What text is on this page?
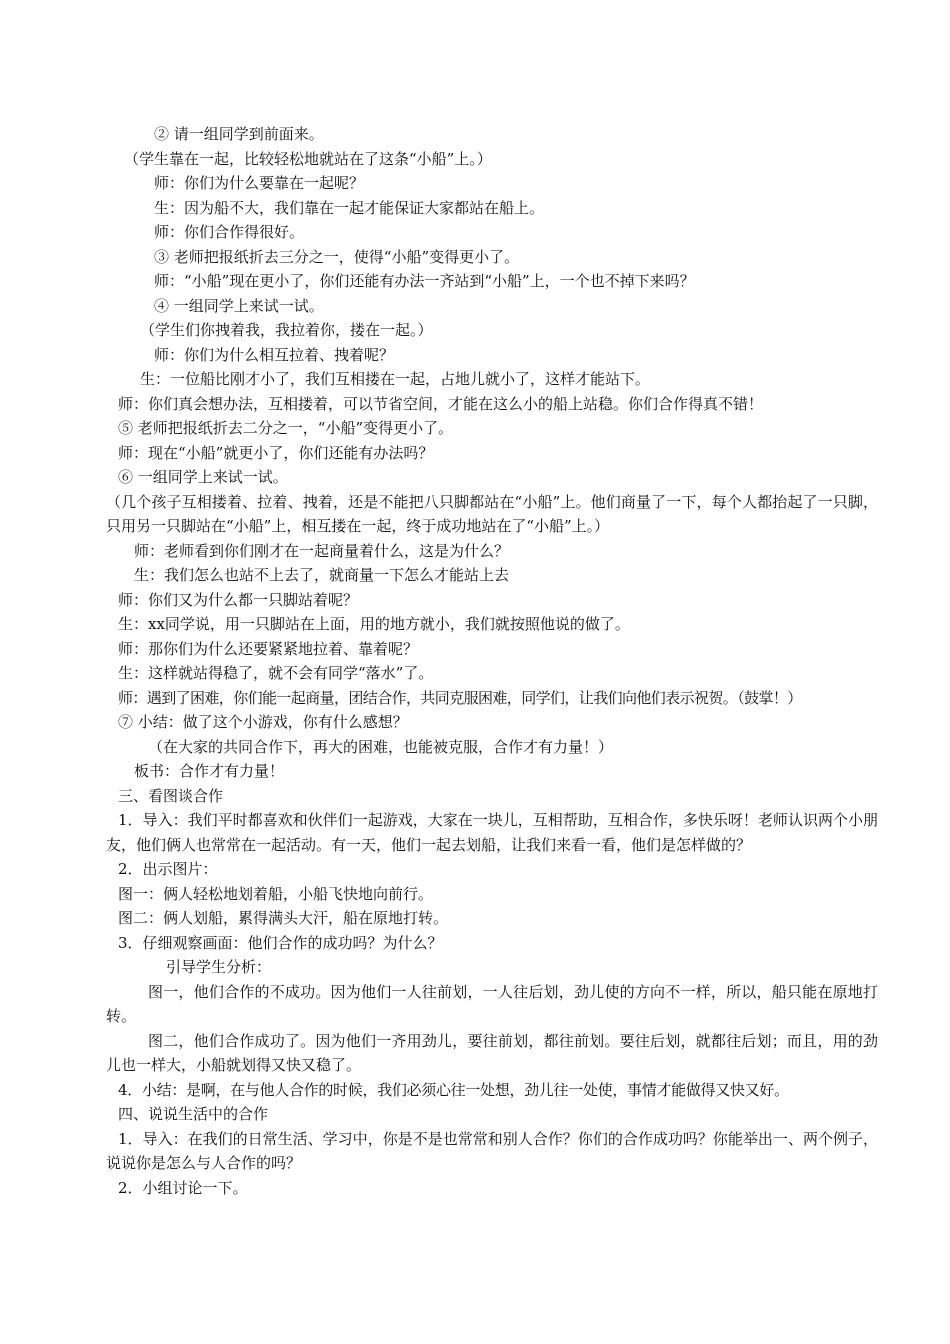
② 请一组同学到前面来。
（学生靠在一起，比较轻松地就站在了这条“小船”上。）
师：你们为什么要靠在一起呢？
生：因为船不大，我们靠在一起才能保证大家都站在船上。
师：你们合作得很好。
③ 老师把报纸折去三分之一，使得“小船”变得更小了。
师：“小船”现在更小了，你们还能有办法一齐站到“小船”上，一个也不掉下来吗？
④ 一组同学上来试一试。
（学生们你拽着我，我拉着你，搂在一起。）
师：你们为什么相互拉着、拽着呢？
生：一位船比刚才小了，我们互相搂在一起，占地儿就小了，这样才能站下。
师：你们真会想办法，互相搂着，可以节省空间，才能在这么小的船上站稳。你们合作得真不错！
⑤ 老师把报纸折去二分之一，“小船”变得更小了。
师：现在“小船”就更小了，你们还能有办法吗？
⑥ 一组同学上来试一试。
（几个孩子互相搂着、拉着、拽着，还是不能把八只脚都站在“小船”上。他们商量了一下，每个人都抬起了一只脚，只用另一只脚站在“小船”上，相互搂在一起，终于成功地站在了“小船”上。）
师：老师看到你们刚才在一起商量着什么，这是为什么？
生：我们怎么也站不上去了，就商量一下怎么才能站上去
师：你们又为什么都一只脚站着呢？
生：xx同学说，用一只脚站在上面，用的地方就小，我们就按照他说的做了。
师：那你们为什么还要紧紧地拉着、靠着呢？
生：这样就站得稳了，就不会有同学“落水”了。
师：遇到了困难，你们能一起商量，团结合作，共同克服困难，同学们，让我们向他们表示祝贺。（鼓掌！）
⑦ 小结：做了这个小游戏，你有什么感想？
（在大家的共同合作下，再大的困难，也能被克服，合作才有力量！）
板书：合作才有力量！
三、看图谈合作
1．导入：我们平时都喜欢和伙伴们一起游戏，大家在一块儿，互相帮助，互相合作，多快乐呀！老师认识两个小朋友，他们俩人也常常在一起活动。有一天，他们一起去划船，让我们来看一看，他们是怎样做的？
2．出示图片：
图一：俩人轻松地划着船，小船飞快地向前行。
图二：俩人划船，累得满头大汗，船在原地打转。
3．仔细观察画面：他们合作的成功吗？为什么？
引导学生分析：
图一，他们合作的不成功。因为他们一人往前划，一人往后划，劲儿使的方向不一样，所以，船只能在原地打转。
图二，他们合作成功了。因为他们一齐用劲儿，要往前划，都往前划。要往后划，就都往后划；而且，用的劲儿也一样大，小船就划得又快又稳了。
4．小结：是啊，在与他人合作的时候，我们必须心往一处想，劲儿往一处使，事情才能做得又快又好。
四、说说生活中的合作
1．导入：在我们的日常生活、学习中，你是不是也常常和别人合作？你们的合作成功吗？你能举出一、两个例子，说说你是怎么与人合作的吗？
2．小组讨论一下。
